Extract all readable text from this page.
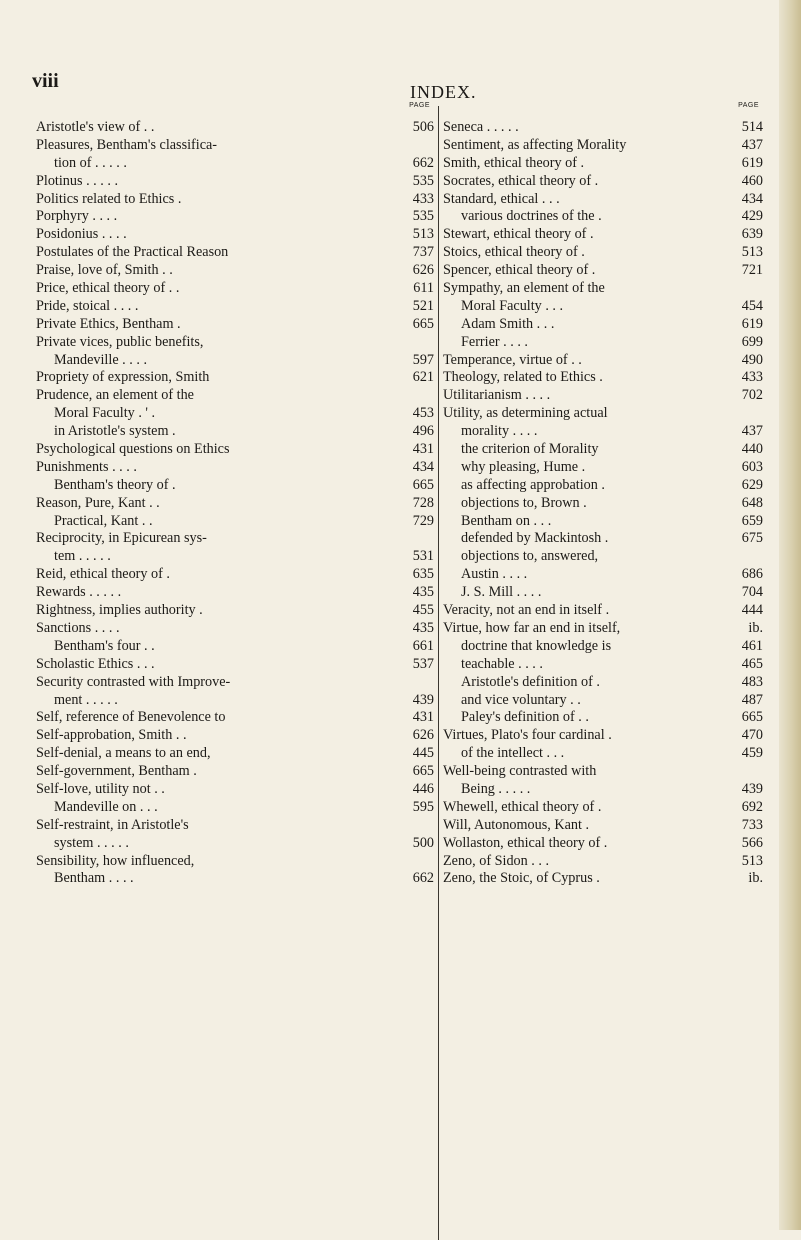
viii	INDEX.
PAGE
Aristotle's view of . .	506
Pleasures, Bentham's classifica-
tion of . . . . .	662
Plotinus . . . . .	535
Politics related to Ethics .	433
Porphyry . . . .	535
Posidonius . . . .	513
Postulates of the Practical Reason	737
Praise, love of, Smith . .	626
Price, ethical theory of . .	611
Pride, stoical . . . .	521
Private Ethics, Bentham .	665
Private vices, public benefits,
Mandeville . . . .	597
Propriety of expression, Smith	621
Prudence, an element of the
Moral Faculty . ' .	453
in Aristotle's system .	496
Psychological questions on Ethics	431
Punishments . . . .	434
Bentham's theory of .	665
Reason, Pure, Kant . .	728
Practical, Kant . .	729
Reciprocity, in Epicurean sys-
tem . . . . .	531
Reid, ethical theory of .	635
Rewards . . . . .	435
Rightness, implies authority .	455
Sanctions . . . .	435
Bentham's four . .	661
Scholastic Ethics . . .	537
Security contrasted with Improve-
ment . . . . .	439
Self, reference of Benevolence to	431
Self-approbation, Smith . .	626
Self-denial, a means to an end,	445
Self-government, Bentham .	665
Self-love, utility not . .	446
Mandeville on . . .	595
Self-restraint, in Aristotle's
system . . . . .	500
Sensibility, how influenced,
Bentham . . . .	662
PAGE
Seneca . . . . .	514
Sentiment, as affecting Morality	437
Smith, ethical theory of .	619
Socrates, ethical theory of .	460
Standard, ethical . . .	434
various doctrines of the .	429
Stewart, ethical theory of .	639
Stoics, ethical theory of .	513
Spencer, ethical theory of .	721
Sympathy, an element of the
Moral Faculty . . .	454
Adam Smith . . .	619
Ferrier . . . .	699
Temperance, virtue of . .	490
Theology, related to Ethics .	433
Utilitarianism . . . .	702
Utility, as determining actual
morality . . . .	437
the criterion of Morality	440
why pleasing, Hume .	603
as affecting approbation .	629
objections to, Brown .	648
Bentham on . . .	659
defended by Mackintosh .	675
objections to, answered,
Austin . . . .	686
J. S. Mill . . . .	704
Veracity, not an end in itself .	444
Virtue, how far an end in itself,	ib.
doctrine that knowledge is	461
teachable . . . .	465
Aristotle's definition of .	483
and vice voluntary . .	487
Paley's definition of . .	665
Virtues, Plato's four cardinal .	470
of the intellect . . .	459
Well-being contrasted with
Being . . . . .	439
Whewell, ethical theory of .	692
Will, Autonomous, Kant .	733
Wollaston, ethical theory of .	566
Zeno, of Sidon . . .	513
Zeno, the Stoic, of Cyprus .	ib.
